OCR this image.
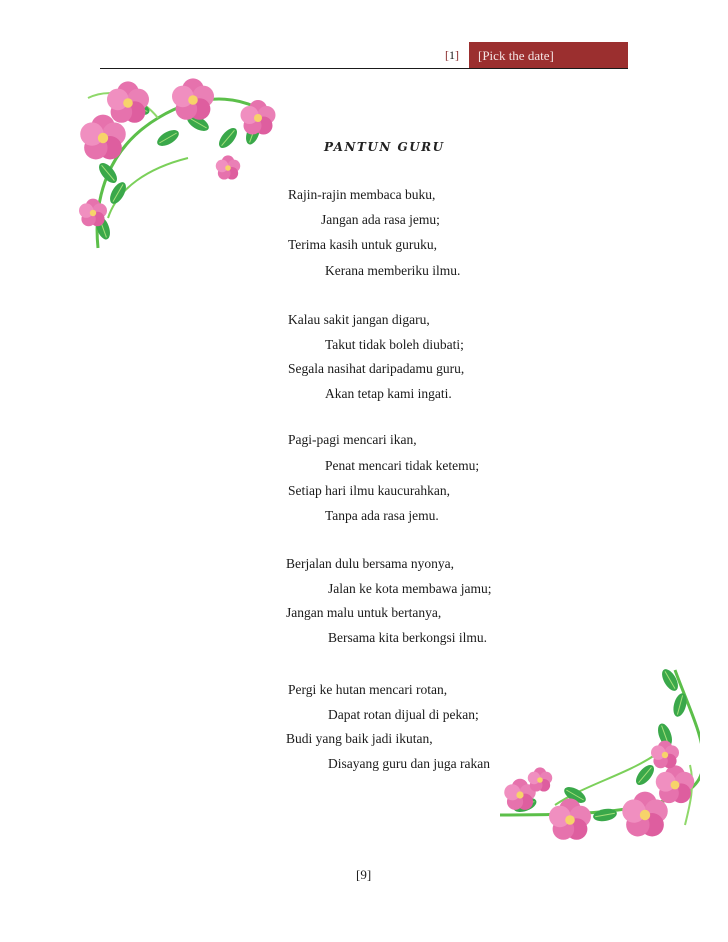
[1]	[Pick the date]
PANTUN GURU
Rajin-rajin membaca buku,
Jangan ada rasa jemu;
Terima kasih untuk guruku,
Kerana memberiku ilmu.
Kalau sakit jangan digaru,
Takut tidak boleh diubati;
Segala nasihat daripadamu guru,
Akan tetap kami ingati.
Pagi-pagi mencari ikan,
Penat mencari tidak ketemu;
Setiap hari ilmu kaucurahkan,
Tanpa ada rasa jemu.
Berjalan dulu bersama nyonya,
Jalan ke kota membawa jamu;
Jangan malu untuk bertanya,
Bersama kita berkongsi ilmu.
Pergi ke hutan mencari rotan,
Dapat rotan dijual di pekan;
Budi yang baik jadi ikutan,
Disayang guru dan juga rakan
[9]
